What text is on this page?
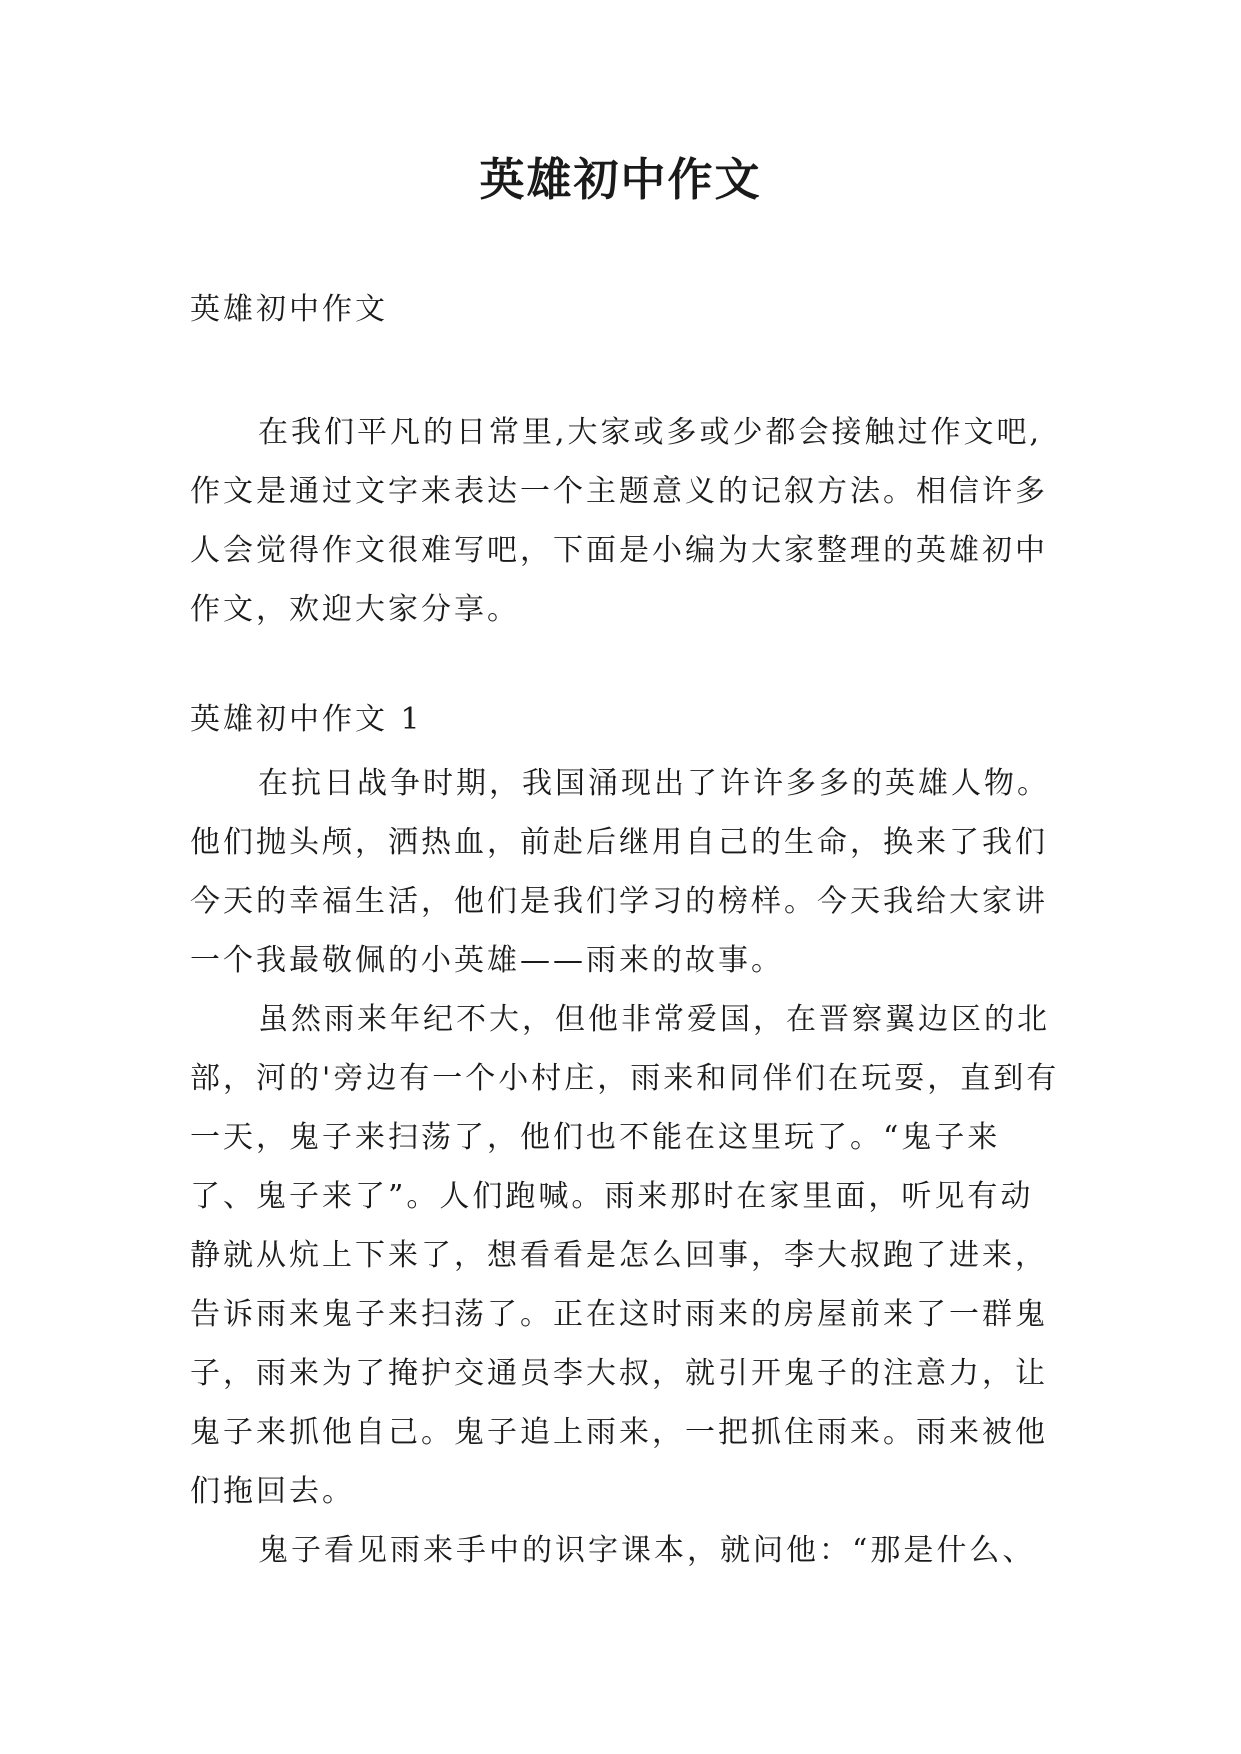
英雄初中作文
英雄初中作文

在我们平凡的日常里,大家或多或少都会接触过作文吧,作文是通过文字来表达一个主题意义的记叙方法。相信许多人会觉得作文很难写吧，下面是小编为大家整理的英雄初中作文，欢迎大家分享。

英雄初中作文 1

在抗日战争时期，我国涌现出了许许多多的英雄人物。他们抛头颅，洒热血，前赴后继用自己的生命，换来了我们今天的幸福生活，他们是我们学习的榜样。今天我给大家讲一个我最敬佩的小英雄——雨来的故事。

虽然雨来年纪不大，但他非常爱国，在晋察翼边区的北部，河的'旁边有一个小村庄，雨来和同伴们在玩耍，直到有一天，鬼子来扫荡了，他们也不能在这里玩了。“鬼子来了、鬼子来了”。人们跑喊。雨来那时在家里面，听见有动静就从炕上下来了，想看看是怎么回事，李大叔跑了进来，告诉雨来鬼子来扫荡了。正在这时雨来的房屋前来了一群鬼子，雨来为了掩护交通员李大叔，就引开鬼子的注意力，让鬼子来抓他自己。鬼子追上雨来，一把抓住雨来。雨来被他们拖回去。

鬼子看见雨来手中的识字课本，就问他：“那是什么、
